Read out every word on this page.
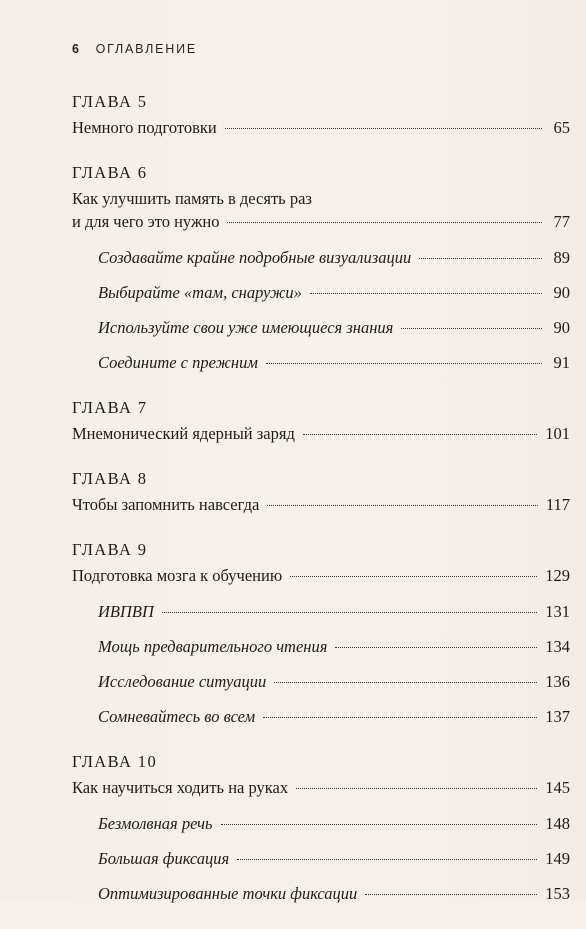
6 ОГЛАВЛЕНИЕ
ГЛАВА 5
Немного подготовки	65
ГЛАВА 6
Как улучшить память в десять раз
и для чего это нужно	77
Создавайте крайне подробные визуализации	89
Выбирайте «там, снаружи»	90
Используйте свои уже имеющиеся знания	90
Соедините с прежним	91
ГЛАВА 7
Мнемонический ядерный заряд	101
ГЛАВА 8
Чтобы запомнить навсегда	117
ГЛАВА 9
Подготовка мозга к обучению	129
ИВПВП	131
Мощь предварительного чтения	134
Исследование ситуации	136
Сомневайтесь во всем	137
ГЛАВА 10
Как научиться ходить на руках	145
Безмолвная речь	148
Большая фиксация	149
Оптимизированные точки фиксации	153
